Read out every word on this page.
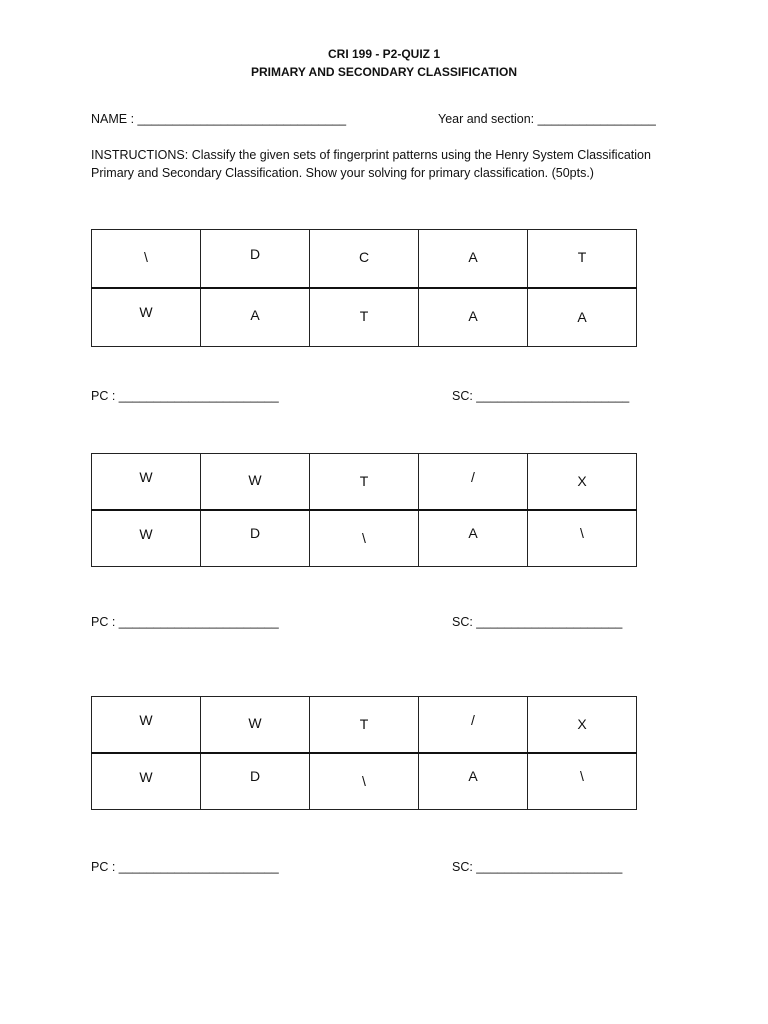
CRI 199 - P2-QUIZ 1
PRIMARY AND SECONDARY CLASSIFICATION
NAME : ______________________________	Year and section: _________________
INSTRUCTIONS: Classify the given sets of fingerprint patterns using the Henry System Classification Primary and Secondary Classification. Show your solving for primary classification. (50pts.)
\	D	C	A	T

W	A	T	A	A
PC : _______________________	SC: ______________________
W	W	T	/	X

W	D	\	A	\
PC : _______________________	SC: _____________________
W	W	T	/	X

W	D	\	A	\
PC : _______________________	SC: _____________________
